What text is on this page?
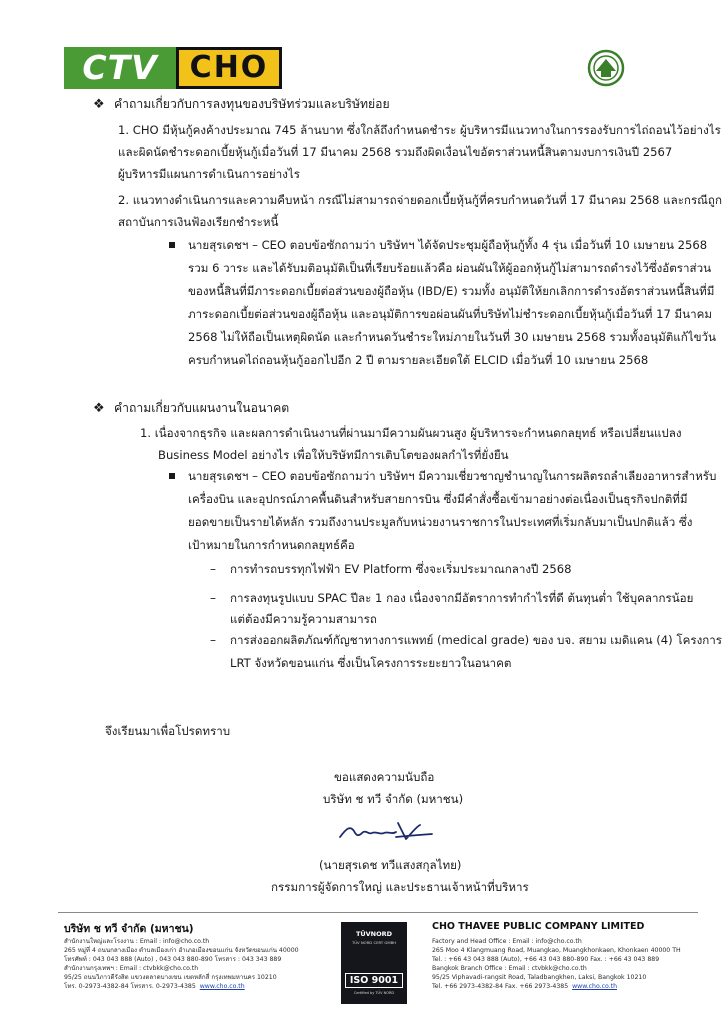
CTV	CHO
❖ คำถามเกี่ยวกับการลงทุนของบริษัทร่วมและบริษัทย่อย
1. CHO มีหุ้นกู้คงค้างประมาณ 745 ล้านบาท ซึ่งใกล้ถึงกำหนดชำระ ผู้บริหารมีแนวทางในการรองรับการไถ่ถอนไว้อย่างไร
และผิดนัดชำระดอกเบี้ยหุ้นกู้เมื่อวันที่ 17 มีนาคม 2568 รวมถึงผิดเงื่อนไขอัตราส่วนหนี้สินตามงบการเงินปี 2567
ผู้บริหารมีแผนการดำเนินการอย่างไร
2. แนวทางดำเนินการและความคืบหน้า กรณีไม่สามารถจ่ายดอกเบี้ยหุ้นกู้ที่ครบกำหนดวันที่ 17 มีนาคม 2568 และกรณีถูก
สถาบันการเงินฟ้องเรียกชำระหนี้
นายสุรเดชฯ – CEO ตอบข้อซักถามว่า บริษัทฯ ได้จัดประชุมผู้ถือหุ้นกู้ทั้ง 4 รุ่น เมื่อวันที่ 10 เมษายน 2568
รวม 6 วาระ และได้รับมติอนุมัติเป็นที่เรียบร้อยแล้วคือ ผ่อนผันให้ผู้ออกหุ้นกู้ไม่สามารถดำรงไว้ซึ่งอัตราส่วน
ของหนี้สินที่มีภาระดอกเบี้ยต่อส่วนของผู้ถือหุ้น (IBD/E) รวมทั้ง อนุมัติให้ยกเลิกการดำรงอัตราส่วนหนี้สินที่มี
ภาระดอกเบี้ยต่อส่วนของผู้ถือหุ้น และอนุมัติการขอผ่อนผันที่บริษัทไม่ชำระดอกเบี้ยหุ้นกู้เมื่อวันที่ 17 มีนาคม
2568 ไม่ให้ถือเป็นเหตุผิดนัด และกำหนดวันชำระใหม่ภายในวันที่ 30 เมษายน 2568 รวมทั้งอนุมัติแก้ไขวัน
ครบกำหนดไถ่ถอนหุ้นกู้ออกไปอีก 2 ปี ตามรายละเอียดใต้ ELCID เมื่อวันที่ 10 เมษายน 2568
❖ คำถามเกี่ยวกับแผนงานในอนาคต
1. เนื่องจากธุรกิจ และผลการดำเนินงานที่ผ่านมามีความผันผวนสูง ผู้บริหารจะกำหนดกลยุทธ์ หรือเปลี่ยนแปลง
Business Model อย่างไร เพื่อให้บริษัทมีการเติบโตของผลกำไรที่ยั่งยืน
นายสุรเดชฯ – CEO ตอบข้อซักถามว่า บริษัทฯ มีความเชี่ยวชาญชำนาญในการผลิตรถลำเลียงอาหารสำหรับ
เครื่องบิน และอุปกรณ์ภาคพื้นดินสำหรับสายการบิน ซึ่งมีคำสั่งซื้อเข้ามาอย่างต่อเนื่องเป็นธุรกิจปกติที่มี
ยอดขายเป็นรายได้หลัก รวมถึงงานประมูลกับหน่วยงานราชการในประเทศที่เริ่มกลับมาเป็นปกติแล้ว ซึ่ง
เป้าหมายในการกำหนดกลยุทธ์คือ
– การทำรถบรรทุกไฟฟ้า EV Platform ซึ่งจะเริ่มประมาณกลางปี 2568
– การลงทุนรูปแบบ SPAC ปีละ 1 กอง เนื่องจากมีอัตราการทำกำไรที่ดี ต้นทุนต่ำ ใช้บุคลากรน้อย
แต่ต้องมีความรู้ความสามารถ
– การส่งออกผลิตภัณฑ์กัญชาทางการแพทย์ (medical grade) ของ บจ. สยาม เมดิแคน (4) โครงการ
LRT จังหวัดขอนแก่น ซึ่งเป็นโครงการระยะยาวในอนาคต
จึงเรียนมาเพื่อโปรดทราบ
ขอแสดงความนับถือ
บริษัท ช ทวี จำกัด (มหาชน)
(นายสุรเดช ทวีแสงสกุลไทย)
กรรมการผู้จัดการใหญ่ และประธานเจ้าหน้าที่บริหาร
บริษัท ช ทวี จำกัด (มหาชน)
สำนักงานใหญ่และโรงงาน : Email : info@cho.co.th
265 หมู่ที่ 4 ถนนกลางเมือง ตำบลเมืองเก่า อำเภอเมืองขอนแก่น จังหวัดขอนแก่น 40000
โทรศัพท์ : 043 043 888 (Auto) , 043 043 880-890 โทรสาร : 043 343 889
สำนักงานกรุงเทพฯ : Email : ctvbkk@cho.co.th
95/25 ถนนวิภาวดีรังสิต แขวงตลาดบางเขน เขตหลักสี่ กรุงเทพมหานคร 10210
โทร. 0-2973-4382-84 โทรสาร. 0-2973-4385 www.cho.co.th
TÜVNORD
TÜV NORD CERT GMBH
ISO 9001
Certified by TÜV NORD
CHO THAVEE PUBLIC COMPANY LIMITED
Factory and Head Office : Email : info@cho.co.th
265 Moo 4 Klangmuang Road, Muangkao, Muangkhonkaen, Khonkaen 40000 TH
Tel. : +66 43 043 888 (Auto), +66 43 043 880-890 Fax. : +66 43 043 889
Bangkok Branch Office : Email : ctvbkk@cho.co.th
95/25 Viphavadi-rangsit Road, Taladbangkhen, Laksi, Bangkok 10210
Tel. +66 2973-4382-84 Fax. +66 2973-4385 www.cho.co.th
